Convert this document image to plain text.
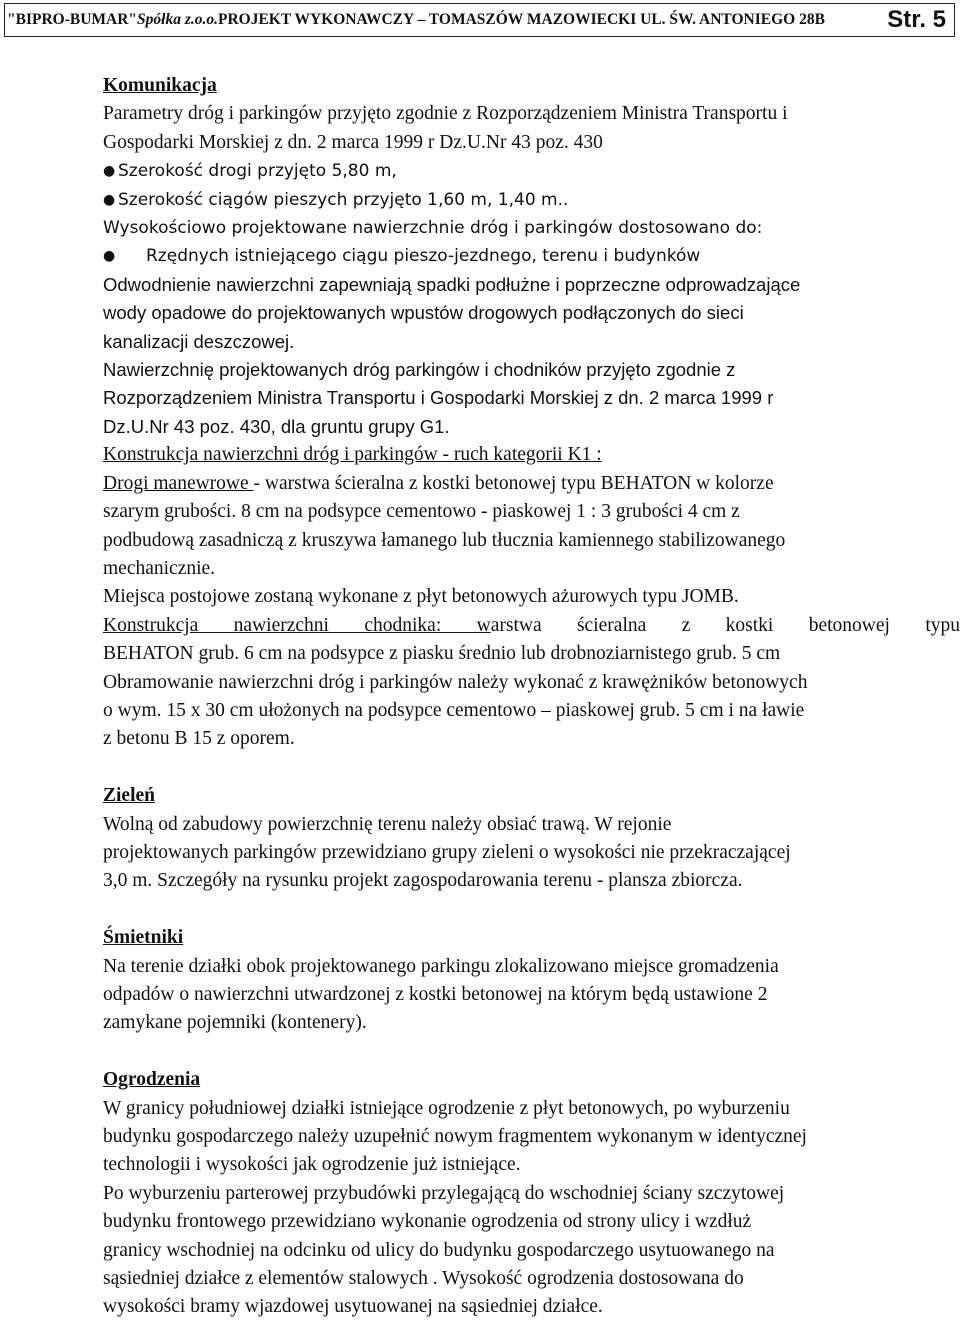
"BIPRO-BUMAR" Spółka z.o.o. PROJEKT WYKONAWCZY – TOMASZÓW MAZOWIECKI UL. ŚW. ANTONIEGO 28B	Str. 5
Komunikacja
Parametry dróg i parkingów przyjęto zgodnie z Rozporządzeniem Ministra Transportu i
Gospodarki Morskiej z dn. 2 marca 1999 r Dz.U.Nr 43 poz. 430
● Szerokość drogi przyjęto 5,80 m,
● Szerokość ciągów pieszych przyjęto 1,60 m, 1,40 m..
Wysokościowo projektowane nawierzchnie dróg i parkingów dostosowano do:
● Rzędnych istniejącego ciągu pieszo-jezdnego, terenu i budynków
Odwodnienie nawierzchni zapewniają spadki podłużne i poprzeczne odprowadzające
wody opadowe do projektowanych wpustów drogowych podłączonych do sieci
kanalizacji deszczowej.
Nawierzchnię projektowanych dróg parkingów i chodników przyjęto zgodnie z
Rozporządzeniem Ministra Transportu i Gospodarki Morskiej z dn. 2 marca 1999 r
Dz.U.Nr 43 poz. 430, dla gruntu grupy G1.
Konstrukcja nawierzchni dróg i parkingów - ruch kategorii K1 :
Drogi manewrowe - warstwa ścieralna z kostki betonowej typu BEHATON w kolorze
szarym grubości. 8 cm na podsypce cementowo - piaskowej 1 : 3 grubości 4 cm z
podbudową zasadniczą z kruszywa łamanego lub tłucznia kamiennego stabilizowanego
mechanicznie.
Miejsca postojowe zostaną wykonane z płyt betonowych ażurowych typu JOMB.
Konstrukcja nawierzchni chodnika: warstwa ścieralna z kostki betonowej typu
BEHATON grub. 6 cm na podsypce z piasku średnio lub drobnoziarnistego grub. 5 cm
Obramowanie nawierzchni dróg i parkingów należy wykonać z krawężników betonowych
o wym. 15 x 30 cm ułożonych na podsypce cementowo – piaskowej grub. 5 cm i na ławie
z betonu B 15 z oporem.
Zieleń
Wolną od zabudowy powierzchnię terenu należy obsiać trawą. W rejonie
projektowanych parkingów przewidziano grupy zieleni o wysokości nie przekraczającej
3,0 m. Szczegóły na rysunku projekt zagospodarowania terenu - plansza zbiorcza.
Śmietniki
Na terenie działki obok projektowanego parkingu zlokalizowano miejsce gromadzenia
odpadów o nawierzchni utwardzonej z kostki betonowej na którym będą ustawione 2
zamykane pojemniki (kontenery).
Ogrodzenia
W granicy południowej działki istniejące ogrodzenie z płyt betonowych, po wyburzeniu
budynku gospodarczego należy uzupełnić nowym fragmentem wykonanym w identycznej
technologii i wysokości jak ogrodzenie już istniejące.
Po wyburzeniu parterowej przybudówki przylegającą do wschodniej ściany szczytowej
budynku frontowego przewidziano wykonanie ogrodzenia od strony ulicy i wzdłuż
granicy wschodniej na odcinku od ulicy do budynku gospodarczego usytuowanego na
sąsiedniej działce z elementów stalowych . Wysokość ogrodzenia dostosowana do
wysokości bramy wjazdowej usytuowanej na sąsiedniej działce.
